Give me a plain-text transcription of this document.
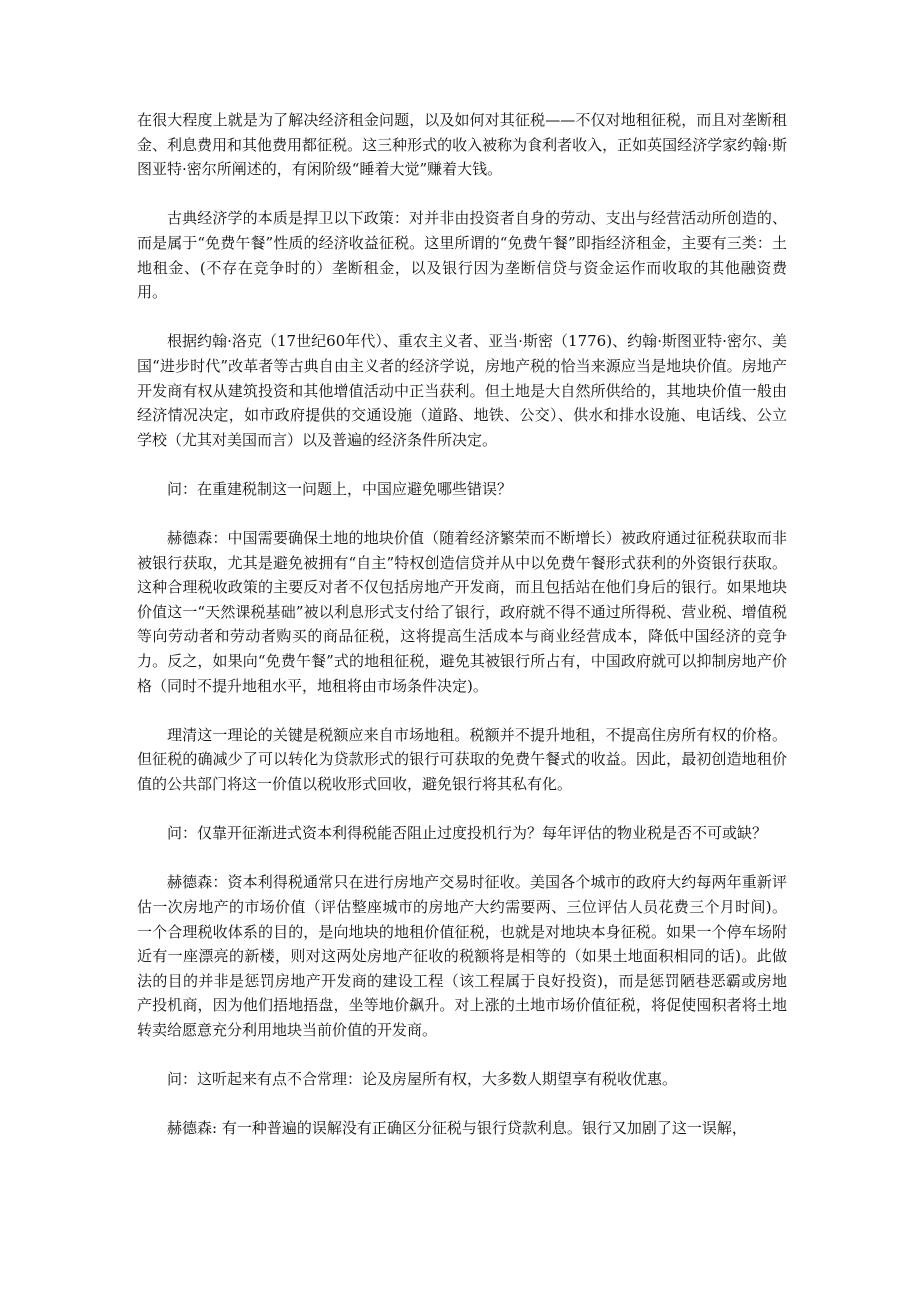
在很大程度上就是为了解决经济租金问题，以及如何对其征税——不仅对地租征税，而且对垄断租金、利息费用和其他费用都征税。这三种形式的收入被称为食利者收入，正如英国经济学家约翰·斯图亚特·密尔所阐述的，有闲阶级“睡着大觉”赚着大钱。

古典经济学的本质是捍卫以下政策：对并非由投资者自身的劳动、支出与经营活动所创造的、而是属于“免费午餐”性质的经济收益征税。这里所谓的“免费午餐”即指经济租金，主要有三类：土地租金、(不存在竞争时的）垄断租金，以及银行因为垄断信贷与资金运作而收取的其他融资费用。

根据约翰·洛克（17世纪60年代）、重农主义者、亚当·斯密（1776)、约翰·斯图亚特·密尔、美国“进步时代”改革者等古典自由主义者的经济学说，房地产税的恰当来源应当是地块价值。房地产开发商有权从建筑投资和其他增值活动中正当获利。但土地是大自然所供给的，其地块价值一般由经济情况决定，如市政府提供的交通设施（道路、地铁、公交）、供水和排水设施、电话线、公立学校（尤其对美国而言）以及普遍的经济条件所决定。

问：在重建税制这一问题上，中国应避免哪些错误？

赫德森：中国需要确保土地的地块价值（随着经济繁荣而不断增长）被政府通过征税获取而非被银行获取，尤其是避免被拥有“自主”特权创造信贷并从中以免费午餐形式获利的外资银行获取。这种合理税收政策的主要反对者不仅包括房地产开发商，而且包括站在他们身后的银行。如果地块价值这一“天然课税基础”被以利息形式支付给了银行，政府就不得不通过所得税、营业税、增值税等向劳动者和劳动者购买的商品征税，这将提高生活成本与商业经营成本，降低中国经济的竞争力。反之，如果向“免费午餐”式的地租征税，避免其被银行所占有，中国政府就可以抑制房地产价格（同时不提升地租水平，地租将由市场条件决定)。

理清这一理论的关键是税额应来自市场地租。税额并不提升地租，不提高住房所有权的价格。但征税的确减少了可以转化为贷款形式的银行可获取的免费午餐式的收益。因此，最初创造地租价值的公共部门将这一价值以税收形式回收，避免银行将其私有化。

问：仅靠开征渐进式资本利得税能否阻止过度投机行为？每年评估的物业税是否不可或缺？

赫德森：资本利得税通常只在进行房地产交易时征收。美国各个城市的政府大约每两年重新评估一次房地产的市场价值（评估整座城市的房地产大约需要两、三位评估人员花费三个月时间)。一个合理税收体系的目的，是向地块的地租价值征税，也就是对地块本身征税。如果一个停车场附近有一座漂亮的新楼，则对这两处房地产征收的税额将是相等的（如果土地面积相同的话)。此做法的目的并非是惩罚房地产开发商的建设工程（该工程属于良好投资)，而是惩罚陋巷恶霸或房地产投机商，因为他们捂地捂盘，坐等地价飙升。对上涨的土地市场价值征税，将促使囤积者将土地转卖给愿意充分利用地块当前价值的开发商。

问：这听起来有点不合常理：论及房屋所有权，大多数人期望享有税收优惠。

赫德森: 有一种普遍的误解没有正确区分征税与银行贷款利息。银行又加剧了这一误解，
